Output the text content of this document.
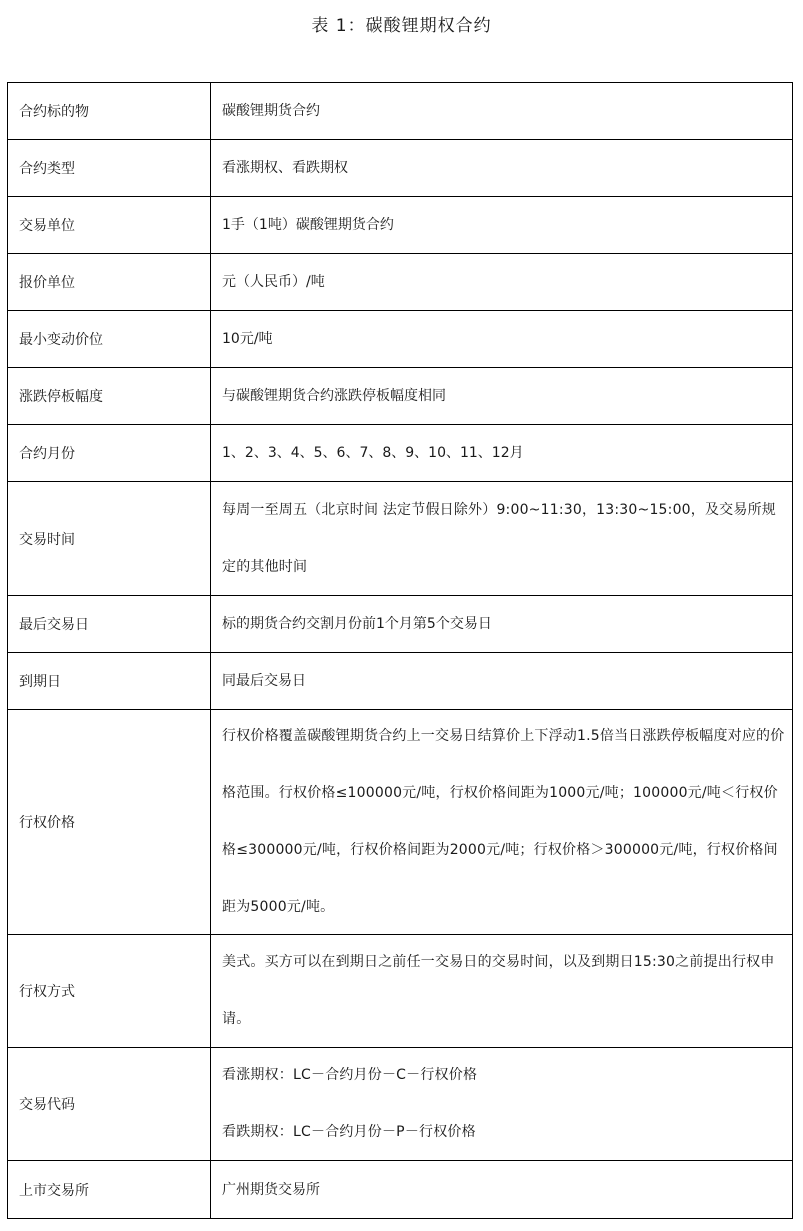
表 1：碳酸锂期权合约
合约标的物	碳酸锂期货合约
合约类型	看涨期权、看跌期权
交易单位	1手（1吨）碳酸锂期货合约
报价单位	元（人民币）/吨
最小变动价位	10元/吨
涨跌停板幅度	与碳酸锂期货合约涨跌停板幅度相同
合约月份	1、2、3、4、5、6、7、8、9、10、11、12月
交易时间	每周一至周五（北京时间 法定节假日除外）9:00~11:30，13:30~15:00，及交易所规定的其他时间

最后交易日	标的期货合约交割月份前1个月第5个交易日
到期日	同最后交易日
行权价格	行权价格覆盖碳酸锂期货合约上一交易日结算价上下浮动1.5倍当日涨跌停板幅度对应的价格范围。行权价格≤100000元/吨，行权价格间距为1000元/吨；100000元/吨＜行权价格≤300000元/吨，行权价格间距为2000元/吨；行权价格＞300000元/吨，行权价格间距为5000元/吨。

行权方式	美式。买方可以在到期日之前任一交易日的交易时间，以及到期日15:30之前提出行权申请。

交易代码	看涨期权：LC－合约月份－C－行权价格
看跌期权：LC－合约月份－P－行权价格

上市交易所	广州期货交易所
